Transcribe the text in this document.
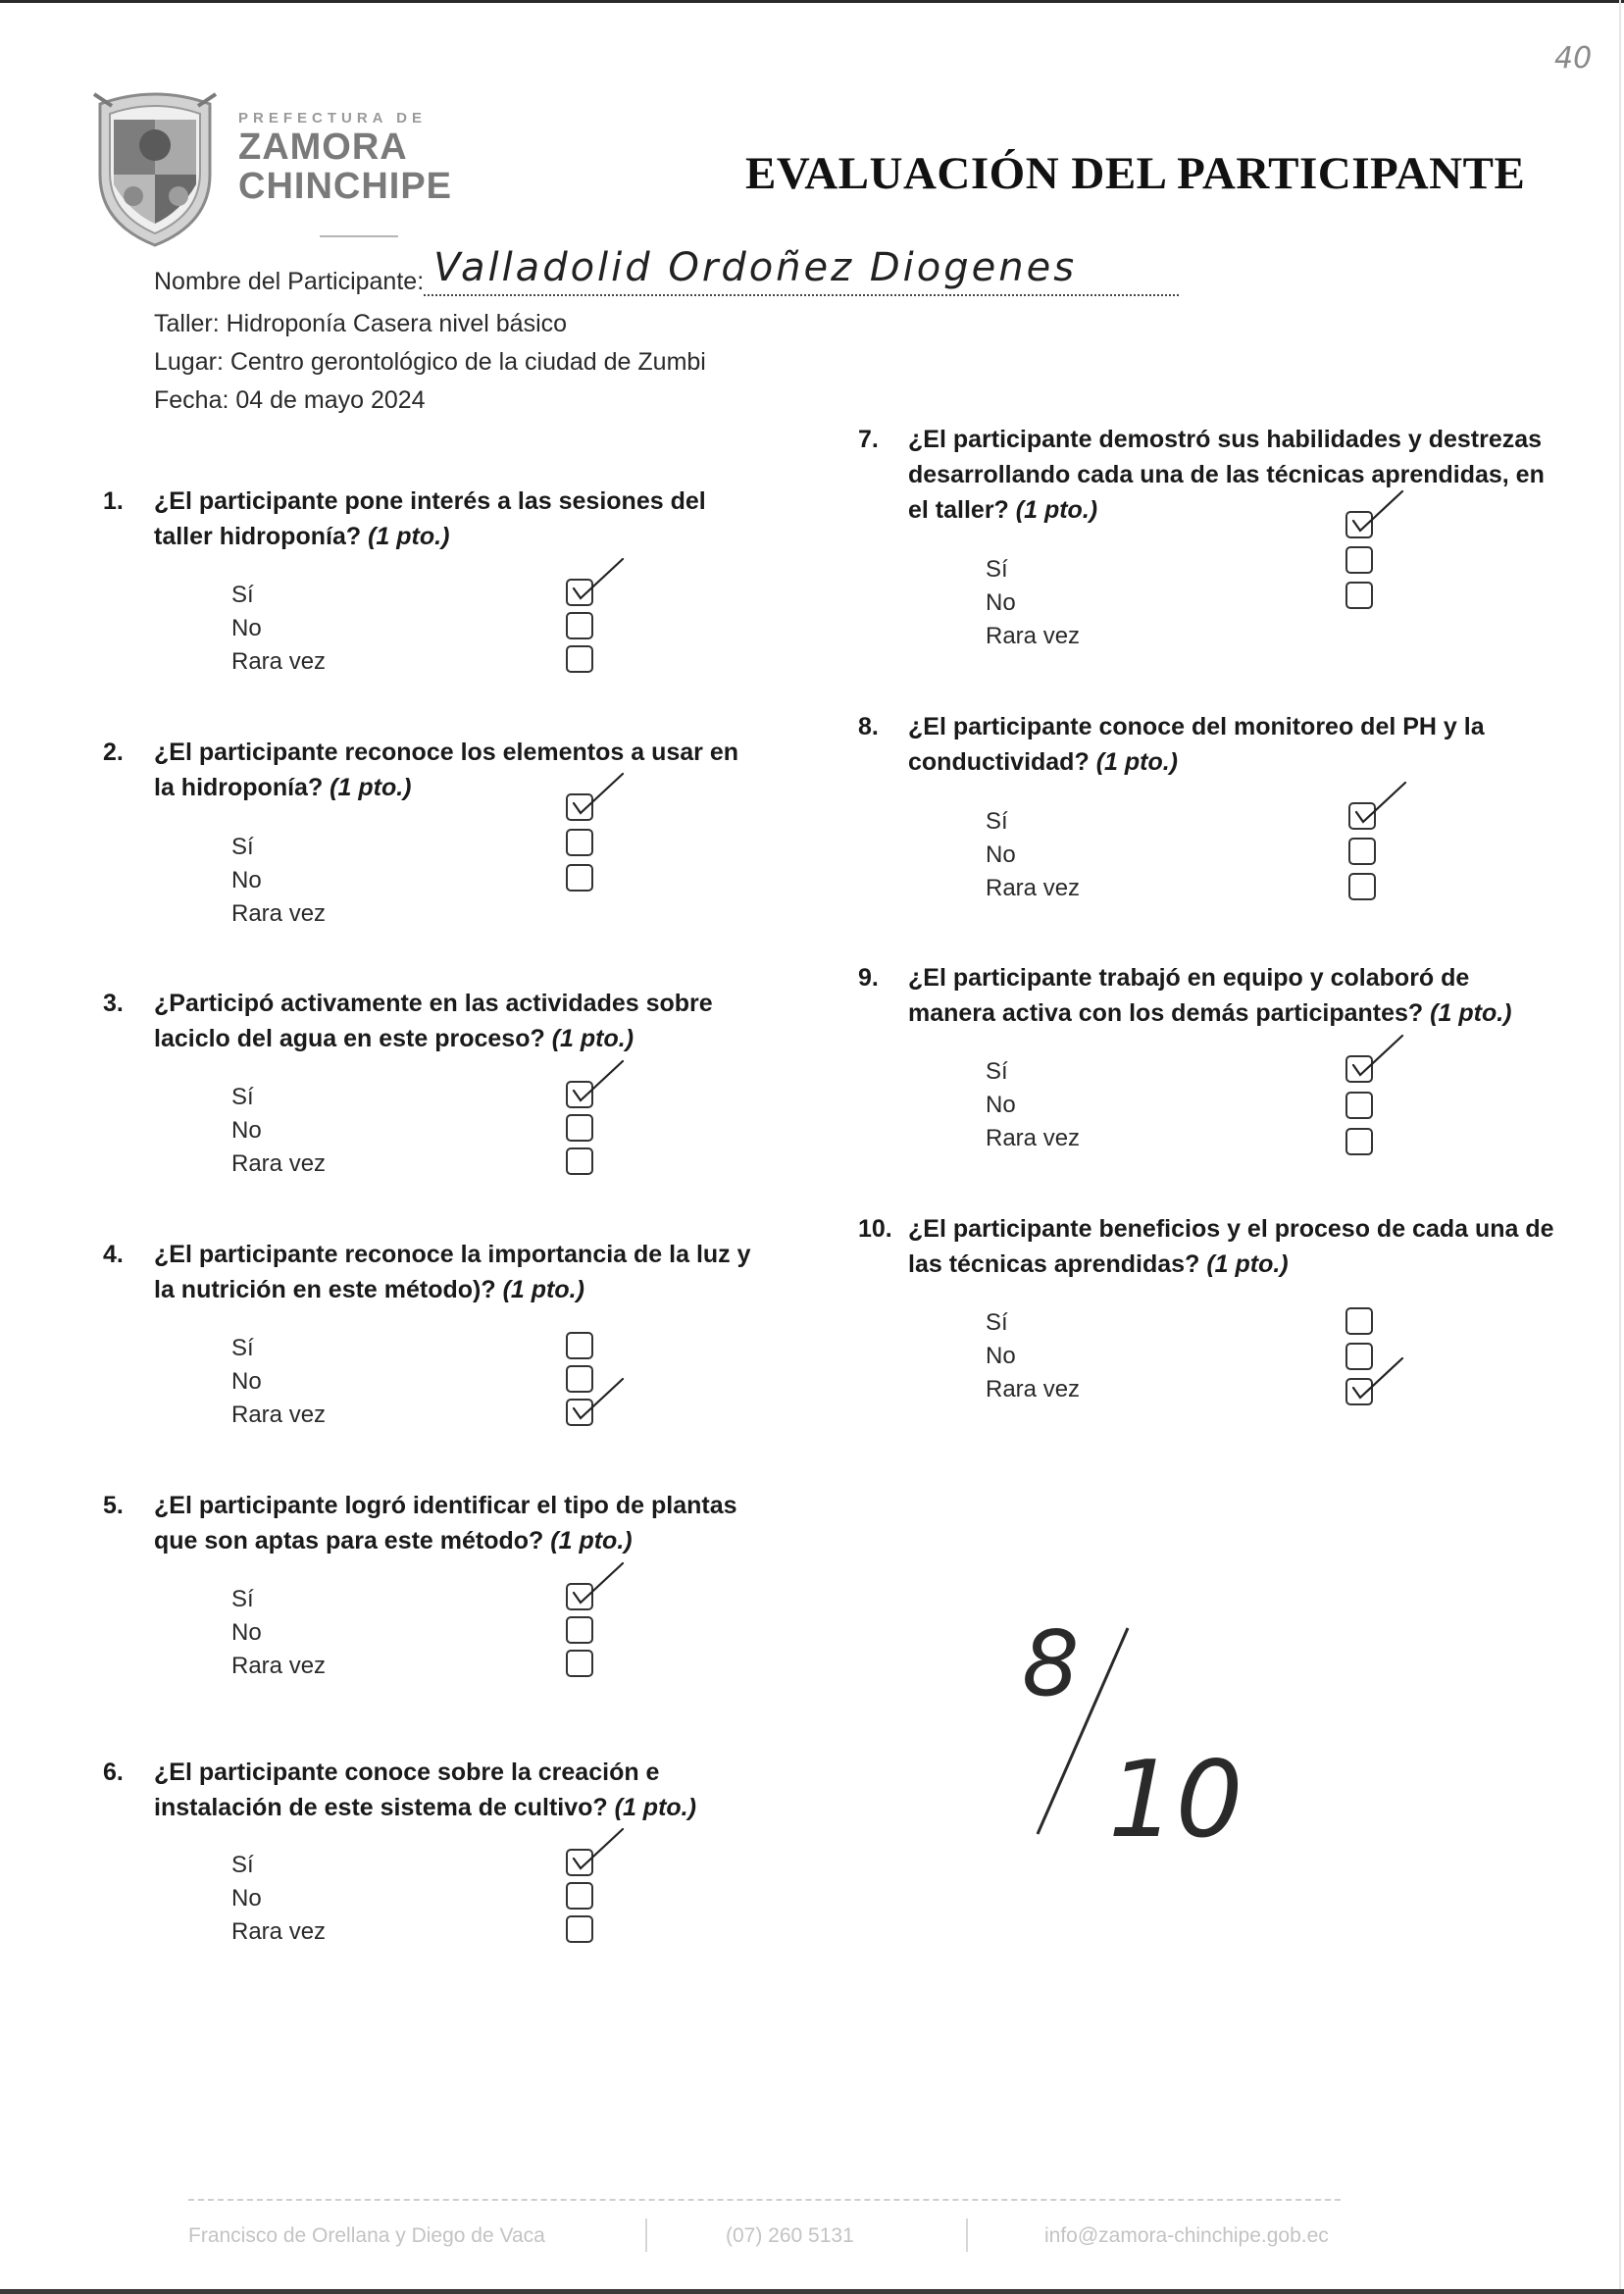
40
PREFECTURA DE
ZAMORA
CHINCHIPE	EVALUACIÓN DEL PARTICIPANTE
Nombre del Participante: Valladolid Ordoñez Diogenes
Taller: Hidroponía Casera nivel básico
Lugar: Centro gerontológico de la ciudad de Zumbi
Fecha: 04 de mayo 2024
1. ¿El participante pone interés a las sesiones del
taller hidroponía? (1 pto.)
Sí
No
Rara vez
2. ¿El participante reconoce los elementos a usar en
la hidroponía? (1 pto.)
Sí
No
Rara vez
3. ¿Participó activamente en las actividades sobre
laciclo del agua en este proceso? (1 pto.)
Sí
No
Rara vez
4. ¿El participante reconoce la importancia de la luz y
la nutrición en este método)? (1 pto.)
Sí
No
Rara vez
5. ¿El participante logró identificar el tipo de plantas
que son aptas para este método? (1 pto.)
Sí
No
Rara vez
6. ¿El participante conoce sobre la creación e
instalación de este sistema de cultivo? (1 pto.)
Sí
No
Rara vez
7. ¿El participante demostró sus habilidades y destrezas
desarrollando cada una de las técnicas aprendidas, en
el taller? (1 pto.)
Sí
No
Rara vez
8. ¿El participante conoce del monitoreo del PH y la
conductividad? (1 pto.)
Sí
No
Rara vez
9. ¿El participante trabajó en equipo y colaboró de
manera activa con los demás participantes? (1 pto.)
Sí
No
Rara vez
10. ¿El participante beneficios y el proceso de cada una de
las técnicas aprendidas? (1 pto.)
Sí
No
Rara vez
8
10
Francisco de Orellana y Diego de Vaca	(07) 260 5131	info@zamora-chinchipe.gob.ec
